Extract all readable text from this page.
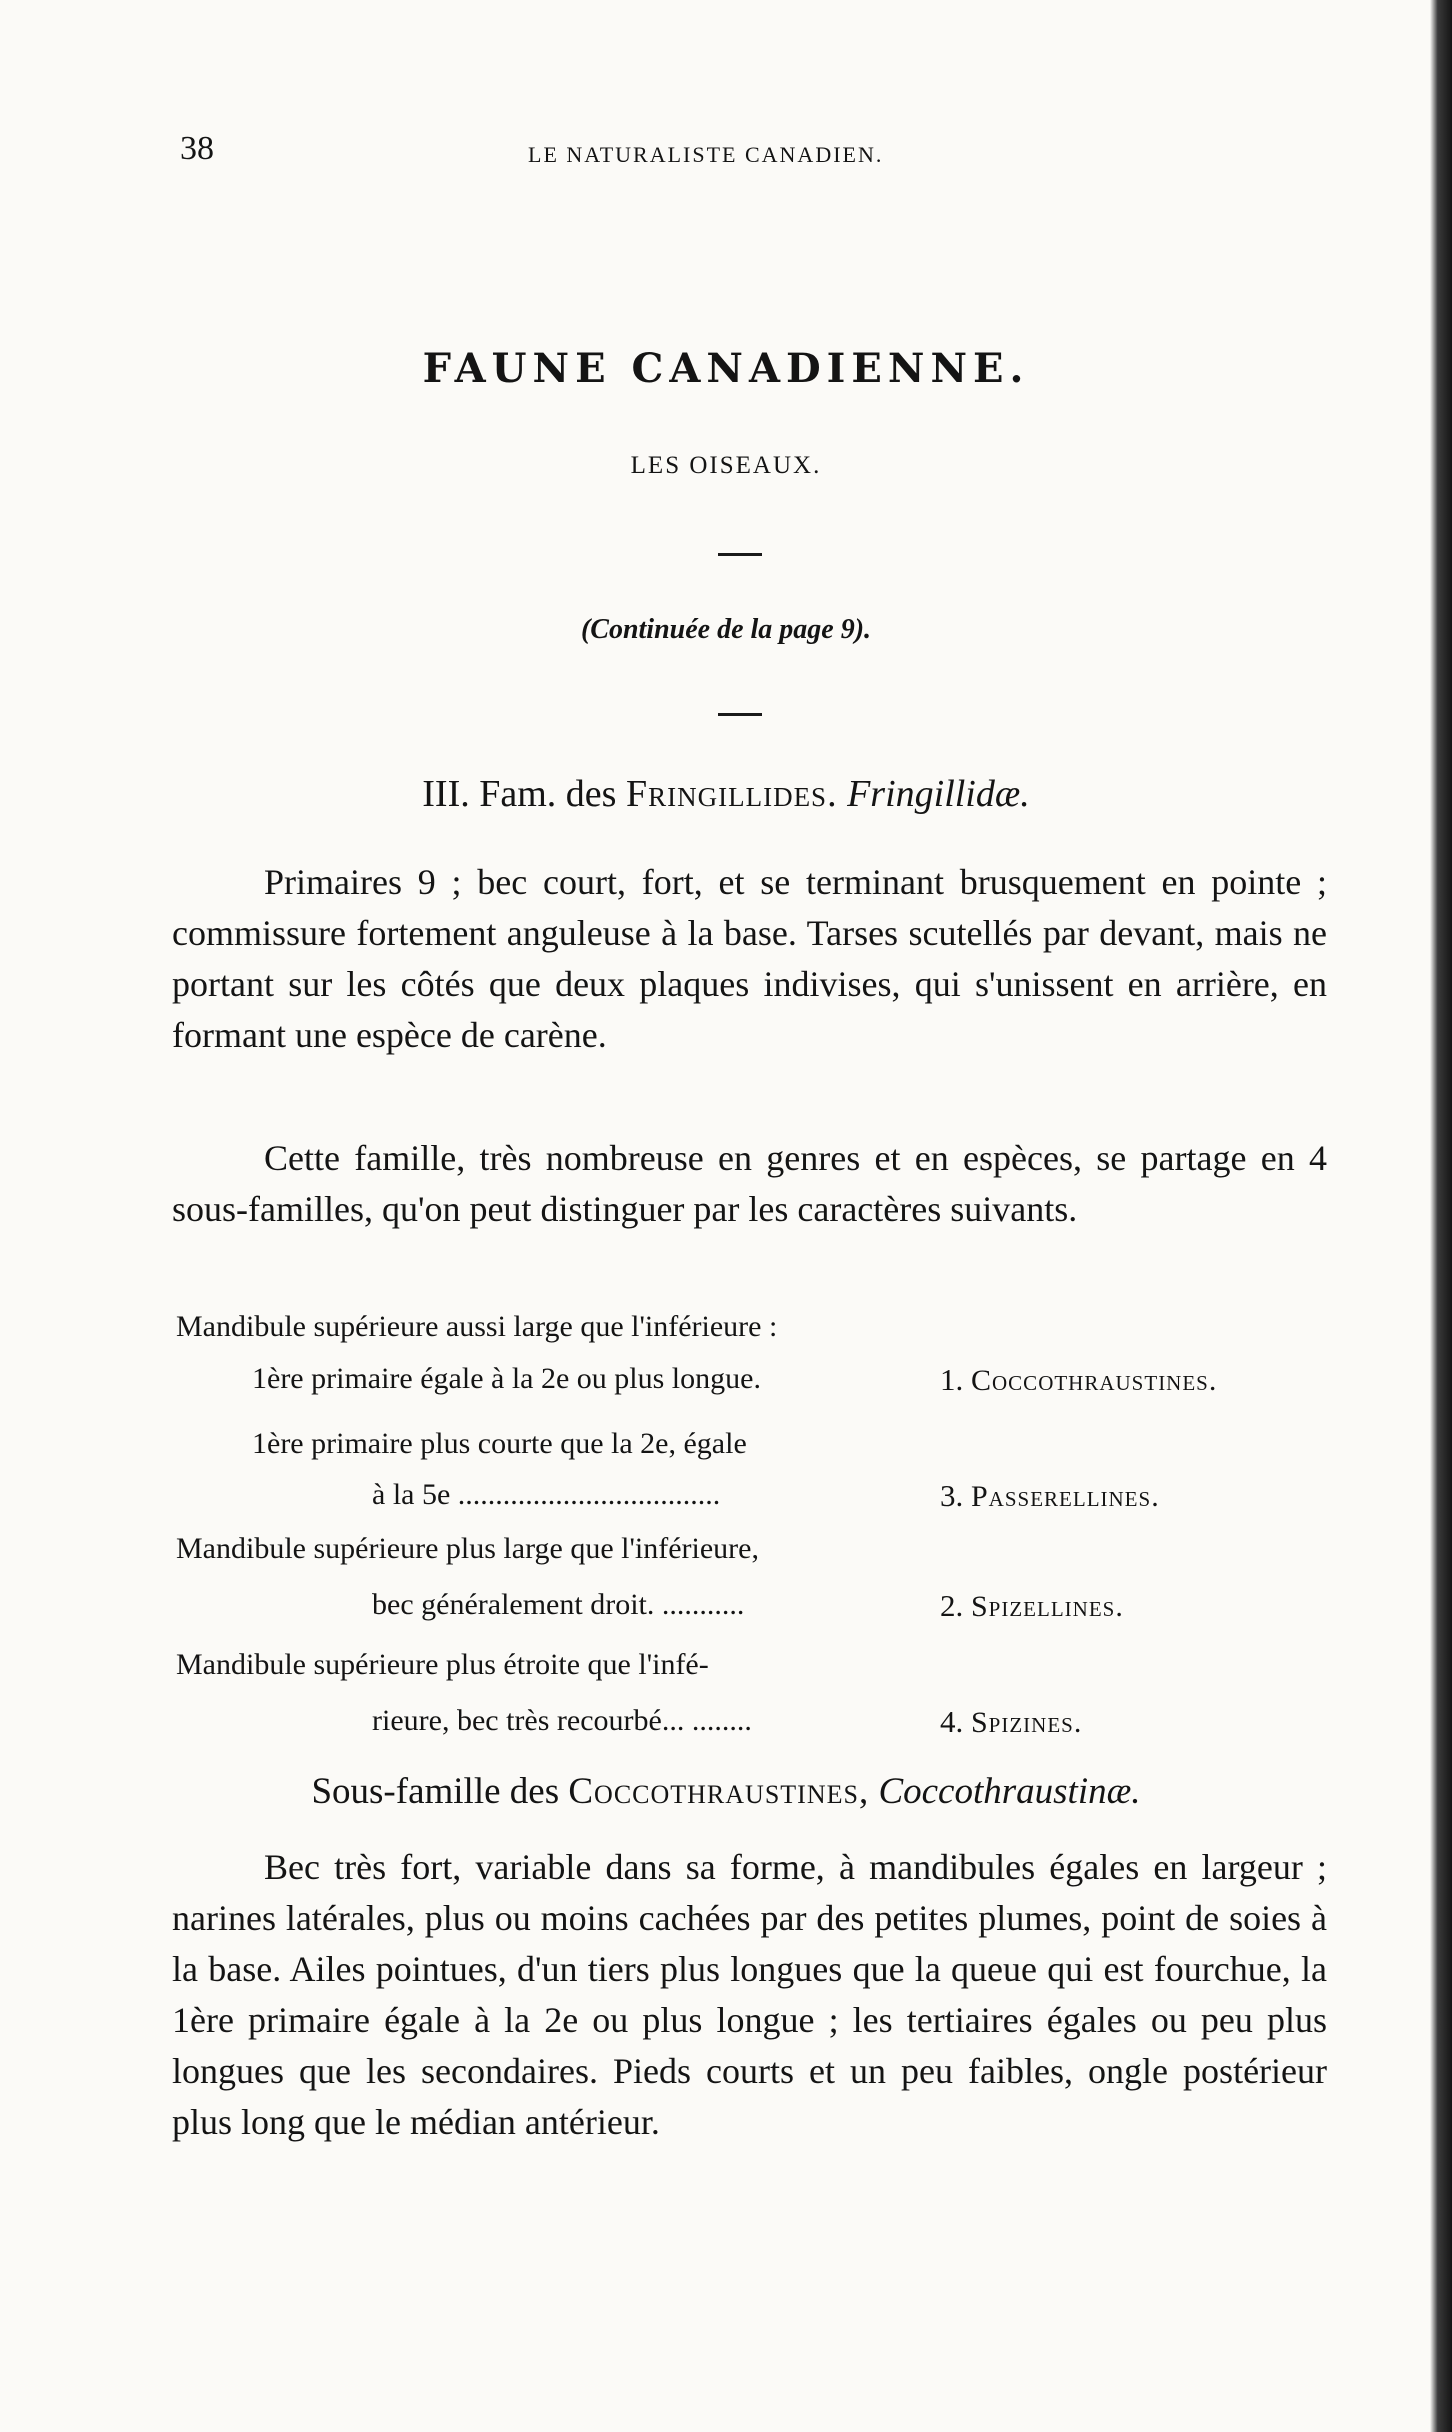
38	LE NATURALISTE CANADIEN.
FAUNE CANADIENNE.
LES OISEAUX.
(Continuée de la page 9).
III. Fam. des Fringillides. Fringillidæ.
Primaires 9 ; bec court, fort, et se terminant brusquement en pointe ; commissure fortement anguleuse à la base. Tarses scutellés par devant, mais ne portant sur les côtés que deux plaques indivises, qui s'unissent en arrière, en formant une espèce de carène.
Cette famille, très nombreuse en genres et en espèces, se partage en 4 sous-familles, qu'on peut distinguer par les caractères suivants.
Mandibule supérieure aussi large que l'inférieure :
1ère primaire égale à la 2e ou plus longue.	1. Coccothraustines.
1ère primaire plus courte que la 2e, égale
à la 5e ...................................	3. Passerellines.
Mandibule supérieure plus large que l'inférieure,
bec généralement droit. ...........	2. Spizellines.
Mandibule supérieure plus étroite que l'infé-
rieure, bec très recourbé... ........	4. Spizines.
Sous-famille des Coccothraustines, Coccothraustinæ.
Bec très fort, variable dans sa forme, à mandibules égales en largeur ; narines latérales, plus ou moins cachées par des petites plumes, point de soies à la base. Ailes pointues, d'un tiers plus longues que la queue qui est fourchue, la 1ère primaire égale à la 2e ou plus longue ; les tertiaires égales ou peu plus longues que les secondaires. Pieds courts et un peu faibles, ongle postérieur plus long que le médian antérieur.
